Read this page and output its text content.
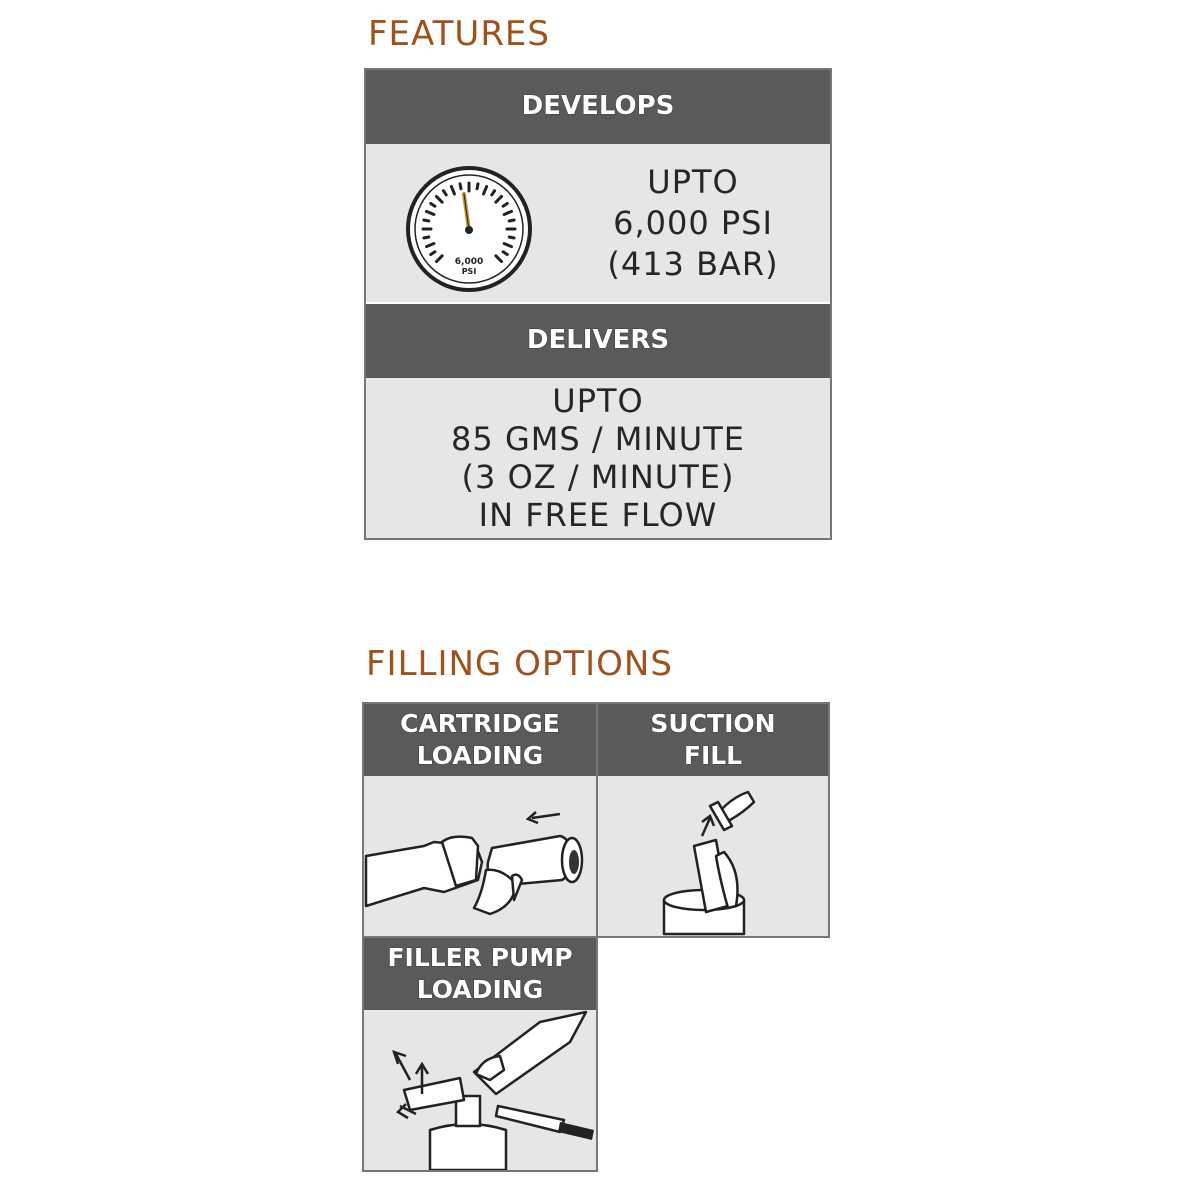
FEATURES
DEVELOPS
6,000
PSI
UPTO
6,000 PSI
(413 BAR)
DELIVERS
UPTO
85 GMS / MINUTE
(3 OZ / MINUTE)
IN FREE FLOW
FILLING OPTIONS
CARTRIDGE
LOADING
SUCTION
FILL
FILLER PUMP
LOADING
